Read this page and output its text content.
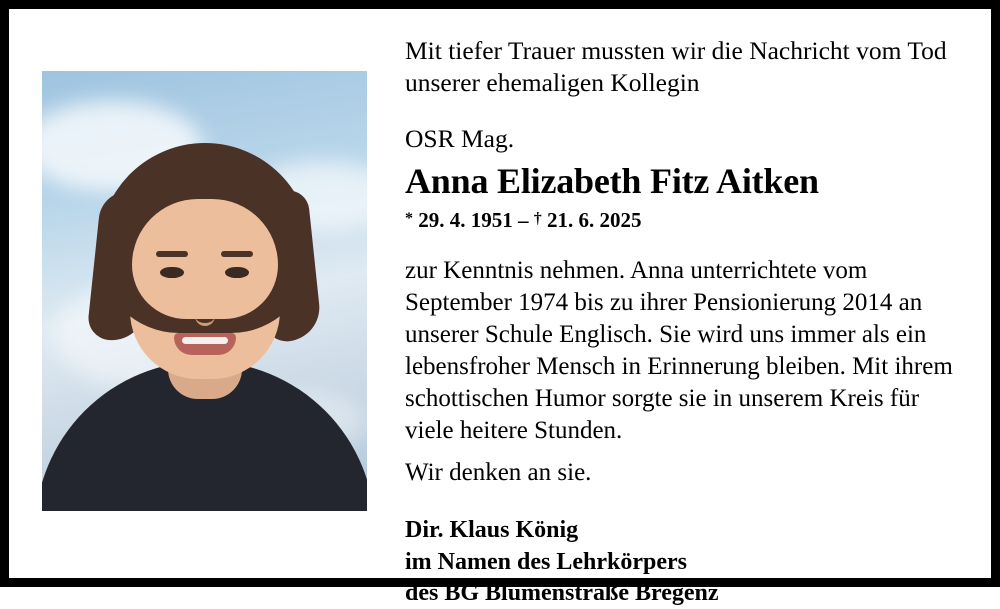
Mit tiefer Trauer mussten wir die Nachricht vom Tod unserer ehemaligen Kollegin

OSR Mag.

Anna Elizabeth Fitz Aitken

* 29. 4. 1951 – † 21. 6. 2025

zur Kenntnis nehmen. Anna unterrichtete vom September 1974 bis zu ihrer Pensionierung 2014 an unserer Schule Englisch. Sie wird uns immer als ein lebensfroher Mensch in Erinnerung bleiben. Mit ihrem schottischen Humor sorgte sie in unserem Kreis für viele heitere Stunden.

Wir denken an sie.

Dir. Klaus König
im Namen des Lehrkörpers
des BG Blumenstraße Bregenz
